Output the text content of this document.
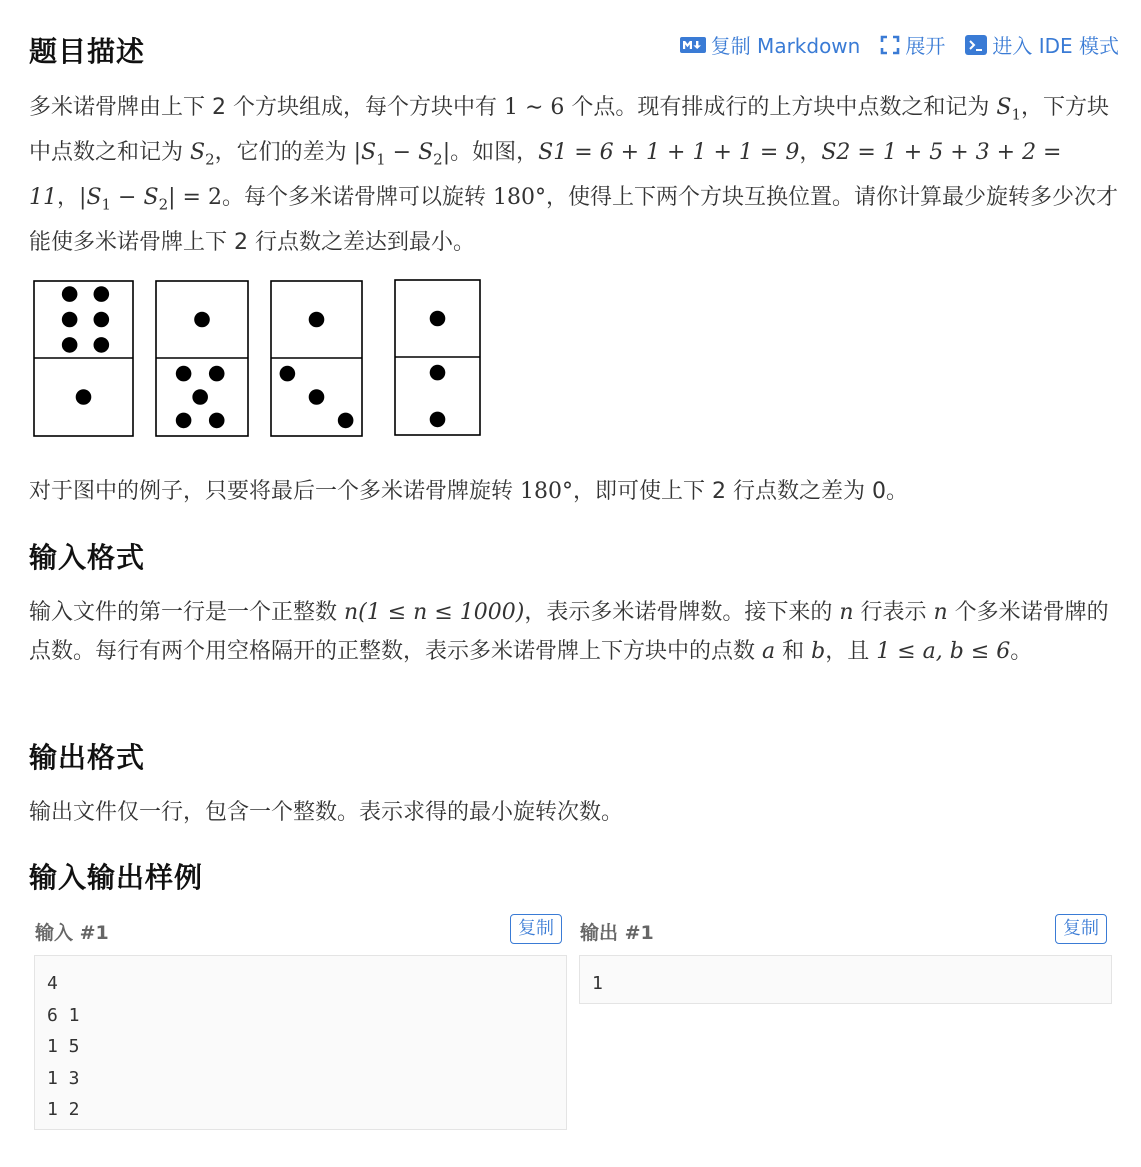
题目描述	复制 Markdown 展开 进入 IDE 模式

多米诺骨牌由上下 2 个方块组成，每个方块中有 1 ∼ 6 个点。现有排成行的上方块中点数之和记为 $S_1$，下方块中点数之和记为 $S_2$，它们的差为 $|S_1 - S_2|$。如图，S1 = 6 + 1 + 1 + 1 = 9，S2 = 1 + 5 + 3 + 2 = 11，$|S_1 - S_2| = 2$。每个多米诺骨牌可以旋转 180°，使得上下两个方块互换位置。请你计算最少旋转多少次才能使多米诺骨牌上下 2 行点数之差达到最小。

对于图中的例子，只要将最后一个多米诺骨牌旋转 180°，即可使上下 2 行点数之差为 0。

输入格式

输入文件的第一行是一个正整数 n(1 ≤ n ≤ 1000)，表示多米诺骨牌数。接下来的 n 行表示 n 个多米诺骨牌的点数。每行有两个用空格隔开的正整数，表示多米诺骨牌上下方块中的点数 a 和 b，且 1 ≤ a, b ≤ 6。

输出格式

输出文件仅一行，包含一个整数。表示求得的最小旋转次数。

输入输出样例
输入 #1	复制
4
6 1
1 5
1 3
1 2
输出 #1	复制
1
